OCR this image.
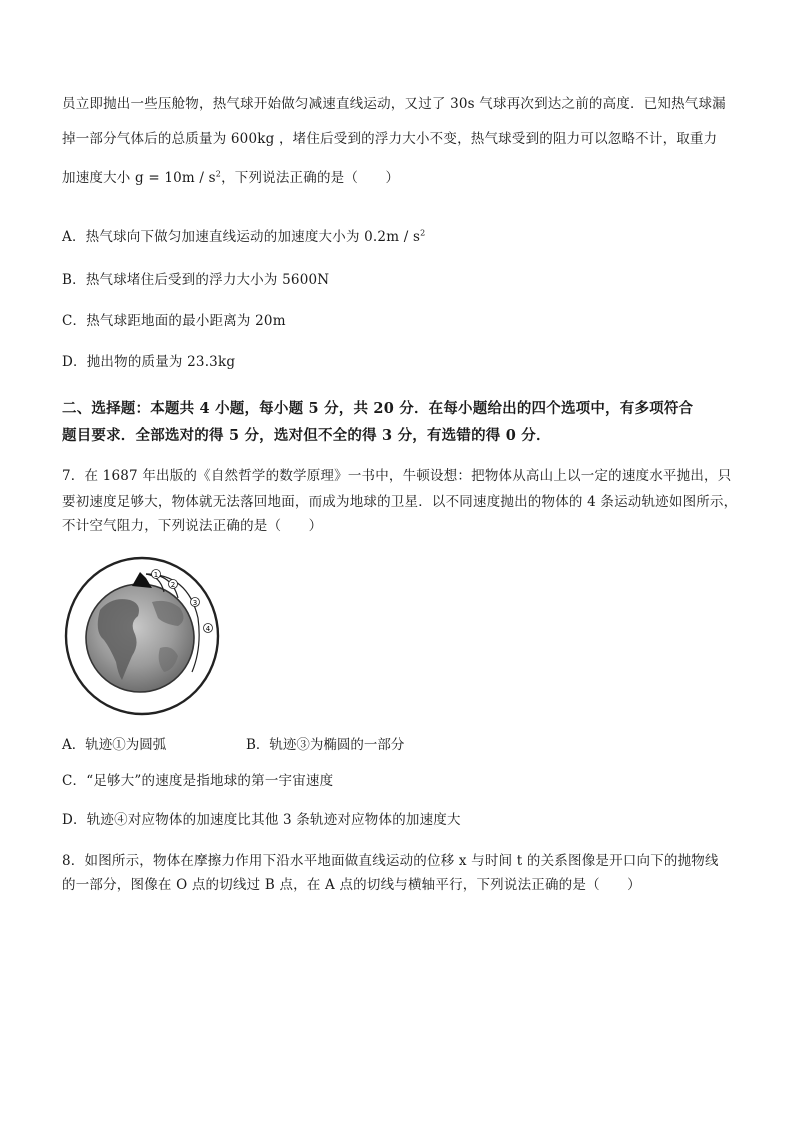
员立即抛出一些压舱物，热气球开始做匀减速直线运动，又过了 30s 气球再次到达之前的高度．已知热气球漏
掉一部分气体后的总质量为 600kg ，堵住后受到的浮力大小不变，热气球受到的阻力可以忽略不计，取重力
加速度大小 $g = 10m / s^2$，下列说法正确的是（　　）
A．热气球向下做匀加速直线运动的加速度大小为 $0.2m / s^2$
B．热气球堵住后受到的浮力大小为 5600N
C．热气球距地面的最小距离为 20m
D．抛出物的质量为 23.3kg
二、选择题：本题共 4 小题，每小题 5 分，共 20 分．在每小题给出的四个选项中，有多项符合
题目要求．全部选对的得 5 分，选对但不全的得 3 分，有选错的得 0 分．
7．在 1687 年出版的《自然哲学的数学原理》一书中，牛顿设想：把物体从高山上以一定的速度水平抛出，只
要初速度足够大，物体就无法落回地面，而成为地球的卫星．以不同速度抛出的物体的 4 条运动轨迹如图所示，
不计空气阻力，下列说法正确的是（　　）
1
2
3
4
A．轨迹①为圆弧	B．轨迹③为椭圆的一部分
C．“足够大”的速度是指地球的第一宇宙速度
D．轨迹④对应物体的加速度比其他 3 条轨迹对应物体的加速度大
8．如图所示，物体在摩擦力作用下沿水平地面做直线运动的位移 x 与时间 t 的关系图像是开口向下的抛物线
的一部分，图像在 O 点的切线过 B 点，在 A 点的切线与横轴平行，下列说法正确的是（　　）
